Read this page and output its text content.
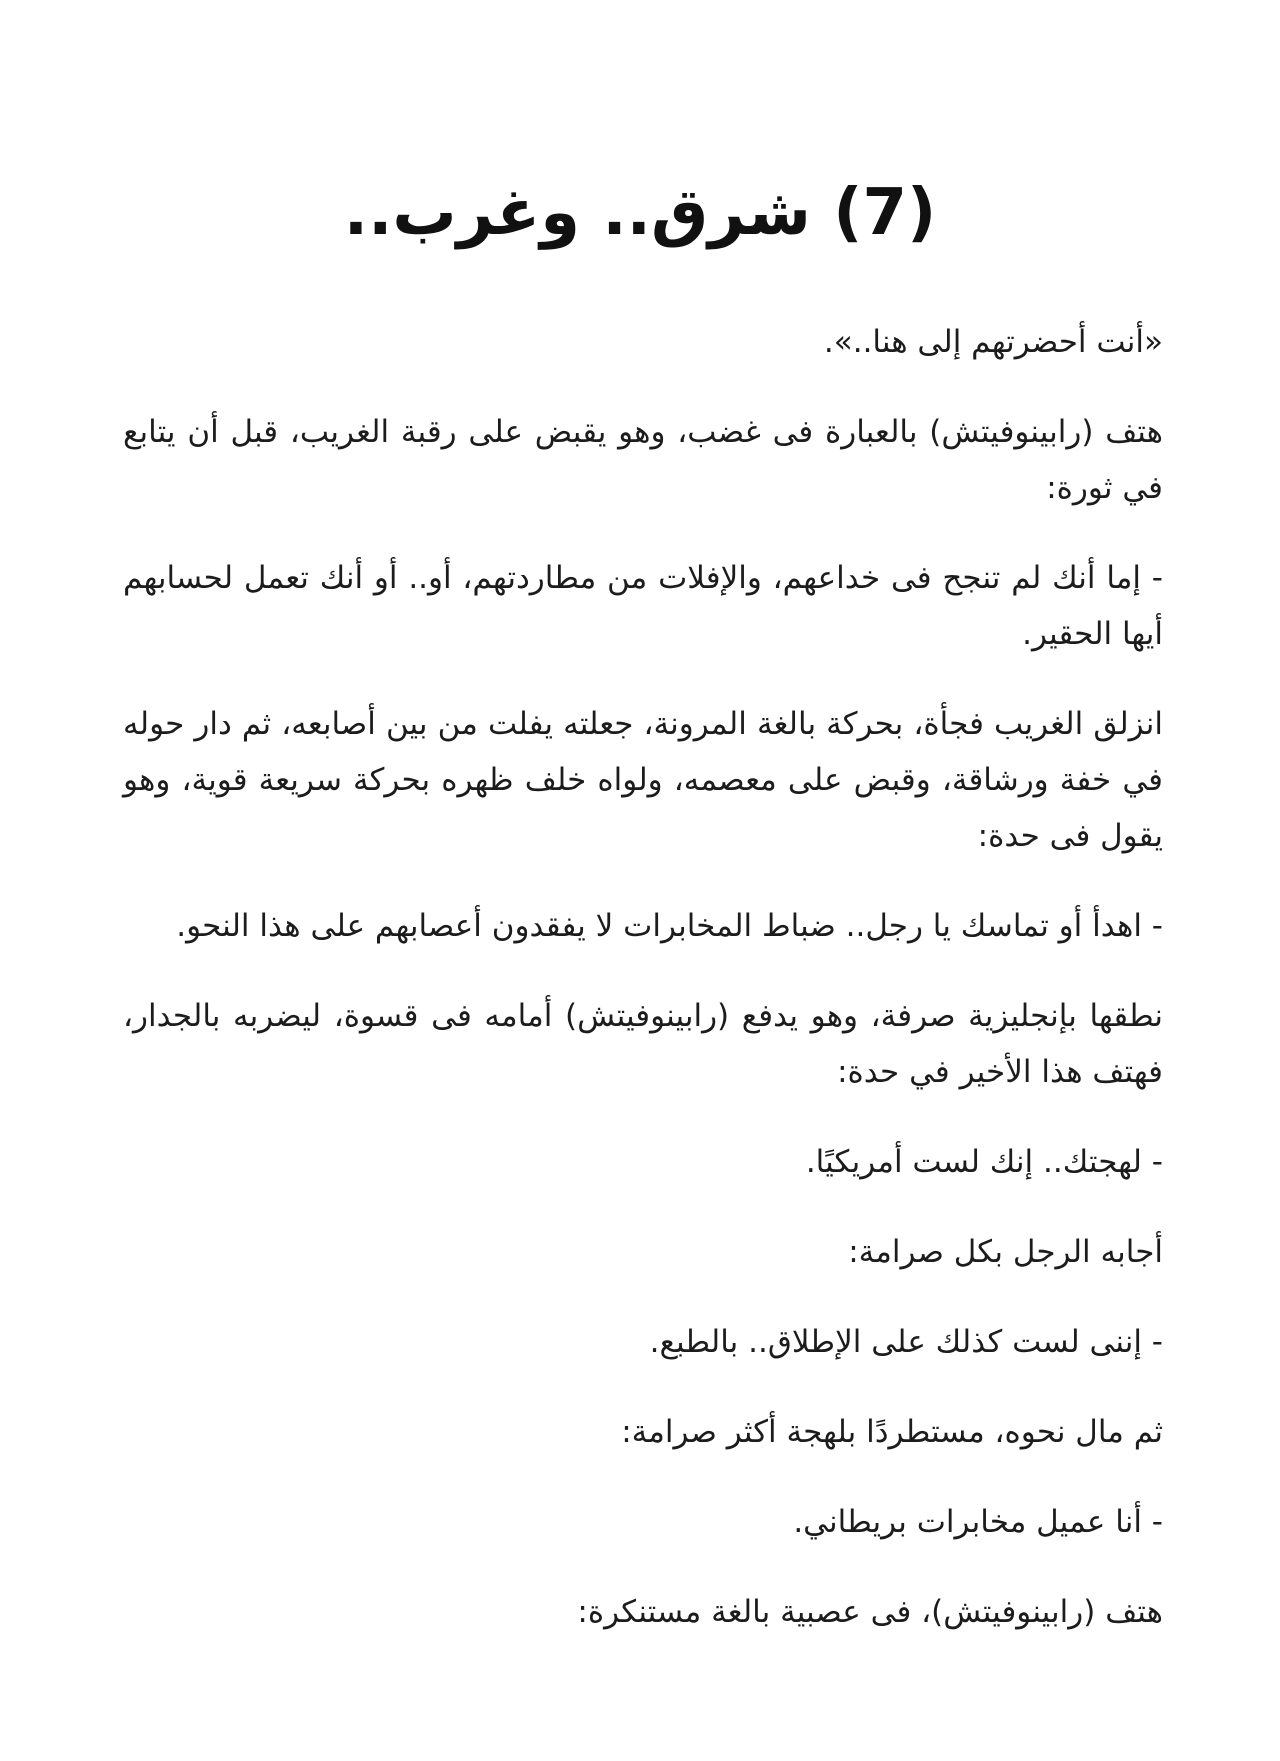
(7) شرق.. وغرب..

«أنت أحضرتهم إلى هنا..».

هتف (رابينوفيتش) بالعبارة فى غضب، وهو يقبض على رقبة الغريب، قبل أن يتابع في ثورة:

- إما أنك لم تنجح فى خداعهم، والإفلات من مطاردتهم، أو.. أو أنك تعمل لحسابهم أيها الحقير.

انزلق الغريب فجأة، بحركة بالغة المرونة، جعلته يفلت من بين أصابعه، ثم دار حوله في خفة ورشاقة، وقبض على معصمه، ولواه خلف ظهره بحركة سريعة قوية، وهو يقول فى حدة:

- اهدأ أو تماسك يا رجل.. ضباط المخابرات لا يفقدون أعصابهم على هذا النحو.

نطقها بإنجليزية صرفة، وهو يدفع (رابينوفيتش) أمامه فى قسوة، ليضربه بالجدار، فهتف هذا الأخير في حدة:

- لهجتك.. إنك لست أمريكيًا.

أجابه الرجل بكل صرامة:

- إننى لست كذلك على الإطلاق.. بالطبع.

ثم مال نحوه، مستطردًا بلهجة أكثر صرامة:

- أنا عميل مخابرات بريطاني.

هتف (رابينوفيتش)، فى عصبية بالغة مستنكرة:
